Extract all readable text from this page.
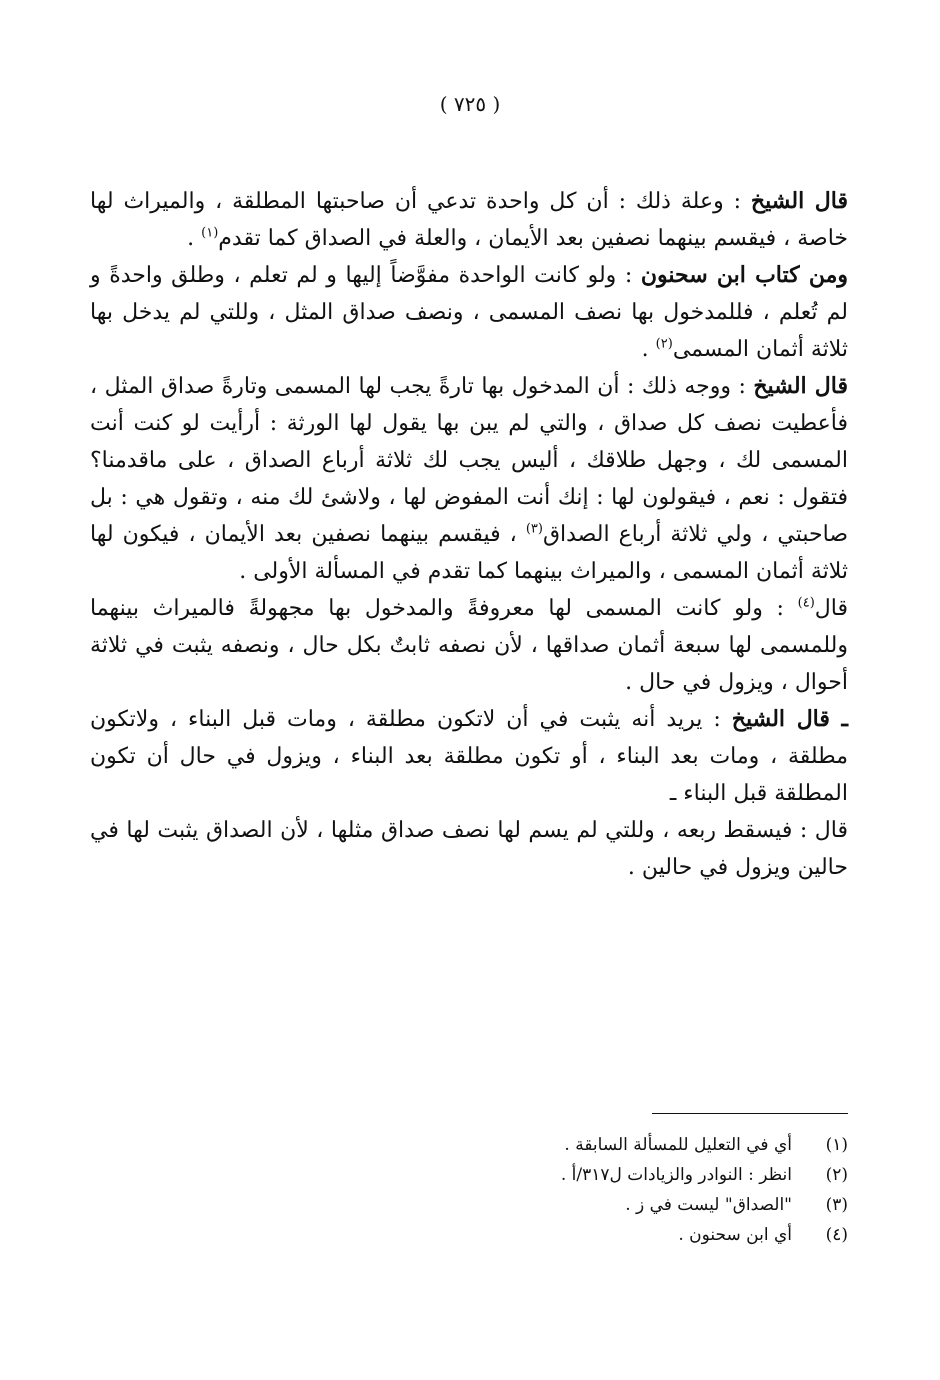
( ٧٢٥ )

قال الشيخ : وعلة ذلك : أن كل واحدة تدعي أن صاحبتها المطلقة ، والميراث لها خاصة ، فيقسم بينهما نصفين بعد الأيمان ، والعلة في الصداق كما تقدم$^{(١)}$ .

ومن كتاب ابن سحنون : ولو كانت الواحدة مفوَّضاً إليها و لم تعلم ، وطلق واحدةً و لم تُعلم ، فللمدخول بها نصف المسمى ، ونصف صداق المثل ، وللتي لم يدخل بها ثلاثة أثمان المسمى$^{(٢)}$ .

قال الشيخ : ووجه ذلك : أن المدخول بها تارةً يجب لها المسمى وتارةً صداق المثل ، فأعطيت نصف كل صداق ، والتي لم يبن بها يقول لها الورثة : أرأيت لو كنت أنت المسمى لك ، وجهل طلاقك ، أليس يجب لك ثلاثة أرباع الصداق ، على ماقدمنا؟ فتقول : نعم ، فيقولون لها : إنك أنت المفوض لها ، ولاشئ لك منه ، وتقول هي : بل صاحبتي ، ولي ثلاثة أرباع الصداق$^{(٣)}$ ، فيقسم بينهما نصفين بعد الأيمان ، فيكون لها ثلاثة أثمان المسمى ، والميراث بينهما كما تقدم في المسألة الأولى .

قال$^{(٤)}$ : ولو كانت المسمى لها معروفةً والمدخول بها مجهولةً فالميراث بينهما وللمسمى لها سبعة أثمان صداقها ، لأن نصفه ثابتٌ بكل حال ، ونصفه يثبت في ثلاثة أحوال ، ويزول في حال .

ـ قال الشيخ : يريد أنه يثبت في أن لاتكون مطلقة ، ومات قبل البناء ، ولاتكون مطلقة ، ومات بعد البناء ، أو تكون مطلقة بعد البناء ، ويزول في حال أن تكون المطلقة قبل البناء ـ

قال : فيسقط ربعه ، وللتي لم يسم لها نصف صداق مثلها ، لأن الصداق يثبت لها في حالين ويزول في حالين .

(١)
أي في التعليل للمسألة السابقة .
(٢)
انظر : النوادر والزيادات ل٣١٧/أ .
(٣)
"الصداق" ليست في ز .
(٤)
أي ابن سحنون .
